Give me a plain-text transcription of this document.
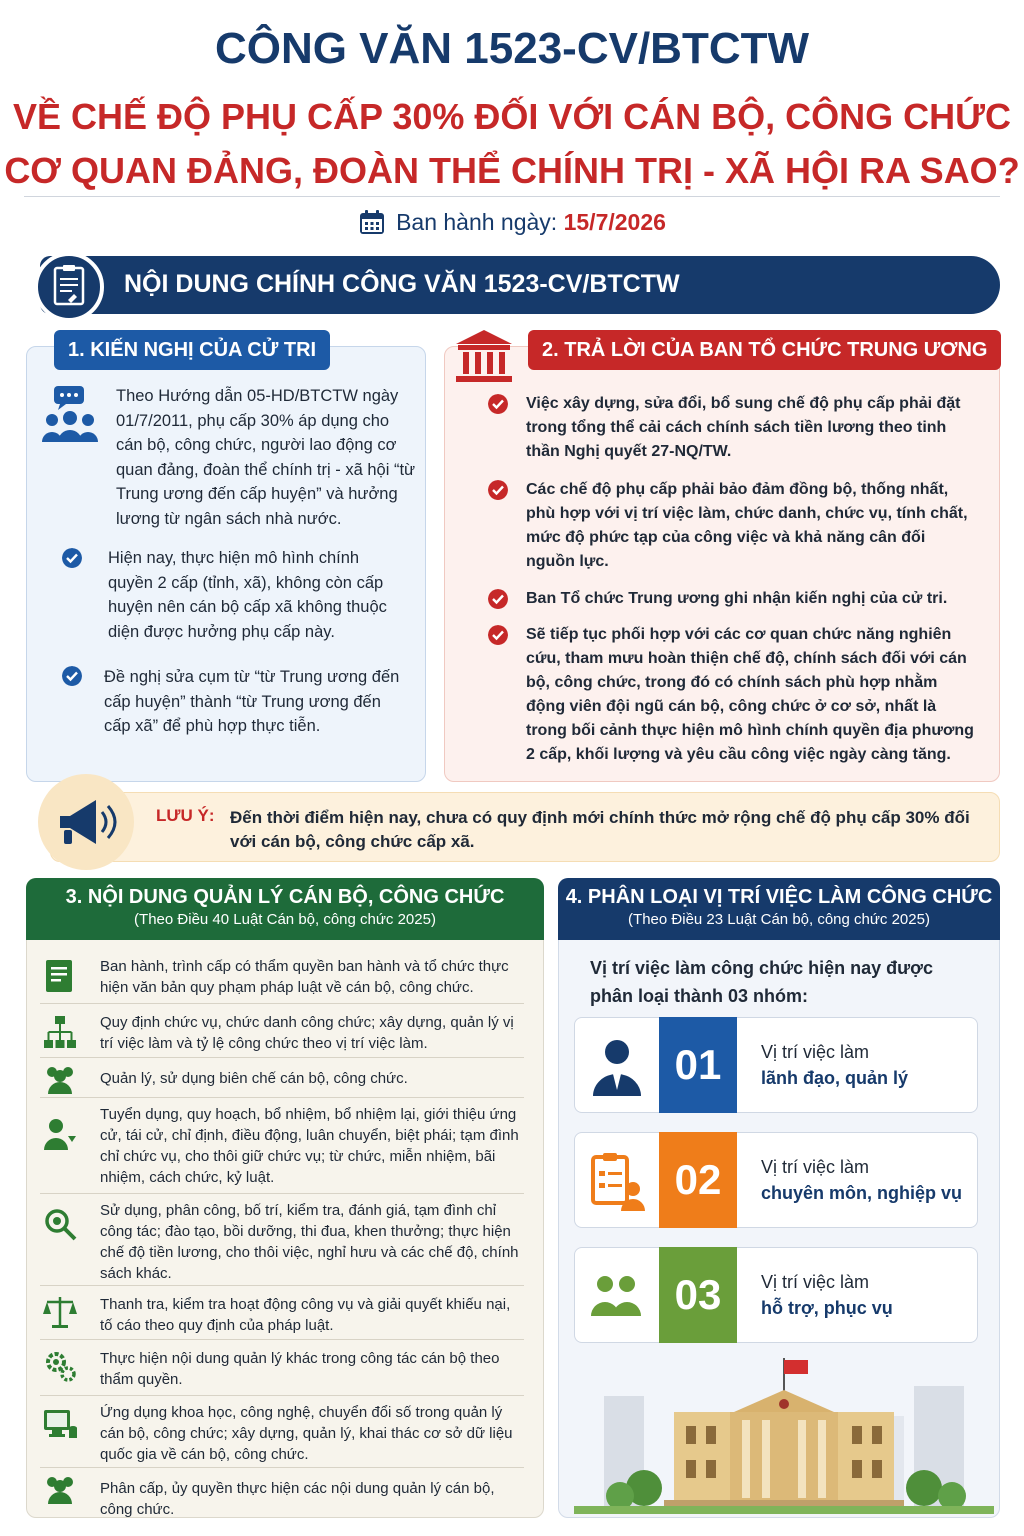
CÔNG VĂN 1523-CV/BTCTW
VỀ CHẾ ĐỘ PHỤ CẤP 30% ĐỐI VỚI CÁN BỘ, CÔNG CHỨC
CƠ QUAN ĐẢNG, ĐOÀN THỂ CHÍNH TRỊ - XÃ HỘI RA SAO?
Ban hành ngày: 15/7/2026
NỘI DUNG CHÍNH CÔNG VĂN 1523-CV/BTCTW
1. KIẾN NGHỊ CỦA CỬ TRI
Theo Hướng dẫn 05-HD/BTCTW ngày 01/7/2011, phụ cấp 30% áp dụng cho cán bộ, công chức, người lao động cơ quan đảng, đoàn thể chính trị - xã hội “từ Trung ương đến cấp huyện” và hưởng lương từ ngân sách nhà nước.
Hiện nay, thực hiện mô hình chính quyền 2 cấp (tỉnh, xã), không còn cấp huyện nên cán bộ cấp xã không thuộc diện được hưởng phụ cấp này.
Đề nghị sửa cụm từ “từ Trung ương đến cấp huyện” thành “từ Trung ương đến cấp xã” để phù hợp thực tiễn.
2. TRẢ LỜI CỦA BAN TỔ CHỨC TRUNG ƯƠNG
Việc xây dựng, sửa đổi, bổ sung chế độ phụ cấp phải đặt trong tổng thể cải cách chính sách tiền lương theo tinh thần Nghị quyết 27-NQ/TW.
Các chế độ phụ cấp phải bảo đảm đồng bộ, thống nhất, phù hợp với vị trí việc làm, chức danh, chức vụ, tính chất, mức độ phức tạp của công việc và khả năng cân đối nguồn lực.
Ban Tổ chức Trung ương ghi nhận kiến nghị của cử tri.
Sẽ tiếp tục phối hợp với các cơ quan chức năng nghiên cứu, tham mưu hoàn thiện chế độ, chính sách đối với cán bộ, công chức, trong đó có chính sách phù hợp nhằm động viên đội ngũ cán bộ, công chức ở cơ sở, nhất là trong bối cảnh thực hiện mô hình chính quyền địa phương 2 cấp, khối lượng và yêu cầu công việc ngày càng tăng.
LƯU Ý: Đến thời điểm hiện nay, chưa có quy định mới chính thức mở rộng chế độ phụ cấp 30% đối với cán bộ, công chức cấp xã.
3. NỘI DUNG QUẢN LÝ CÁN BỘ, CÔNG CHỨC
(Theo Điều 40 Luật Cán bộ, công chức 2025)
Ban hành, trình cấp có thẩm quyền ban hành và tổ chức thực hiện văn bản quy phạm pháp luật về cán bộ, công chức.
Quy định chức vụ, chức danh công chức; xây dựng, quản lý vị trí việc làm và tỷ lệ công chức theo vị trí việc làm.
Quản lý, sử dụng biên chế cán bộ, công chức.
Tuyển dụng, quy hoạch, bổ nhiệm, bổ nhiệm lại, giới thiệu ứng cử, tái cử, chỉ định, điều động, luân chuyển, biệt phái; tạm đình chỉ chức vụ, cho thôi giữ chức vụ; từ chức, miễn nhiệm, bãi nhiệm, cách chức, kỷ luật.
Sử dụng, phân công, bố trí, kiểm tra, đánh giá, tạm đình chỉ công tác; đào tạo, bồi dưỡng, thi đua, khen thưởng; thực hiện chế độ tiền lương, cho thôi việc, nghỉ hưu và các chế độ, chính sách khác.
Thanh tra, kiểm tra hoạt động công vụ và giải quyết khiếu nại, tố cáo theo quy định của pháp luật.
Thực hiện nội dung quản lý khác trong công tác cán bộ theo thẩm quyền.
Ứng dụng khoa học, công nghệ, chuyển đổi số trong quản lý cán bộ, công chức; xây dựng, quản lý, khai thác cơ sở dữ liệu quốc gia về cán bộ, công chức.
Phân cấp, ủy quyền thực hiện các nội dung quản lý cán bộ, công chức.
4. PHÂN LOẠI VỊ TRÍ VIỆC LÀM CÔNG CHỨC
(Theo Điều 23 Luật Cán bộ, công chức 2025)
Vị trí việc làm công chức hiện nay được phân loại thành 03 nhóm:
01	Vị trí việc làm
lãnh đạo, quản lý
02	Vị trí việc làm
chuyên môn, nghiệp vụ
03	Vị trí việc làm
hỗ trợ, phục vụ
